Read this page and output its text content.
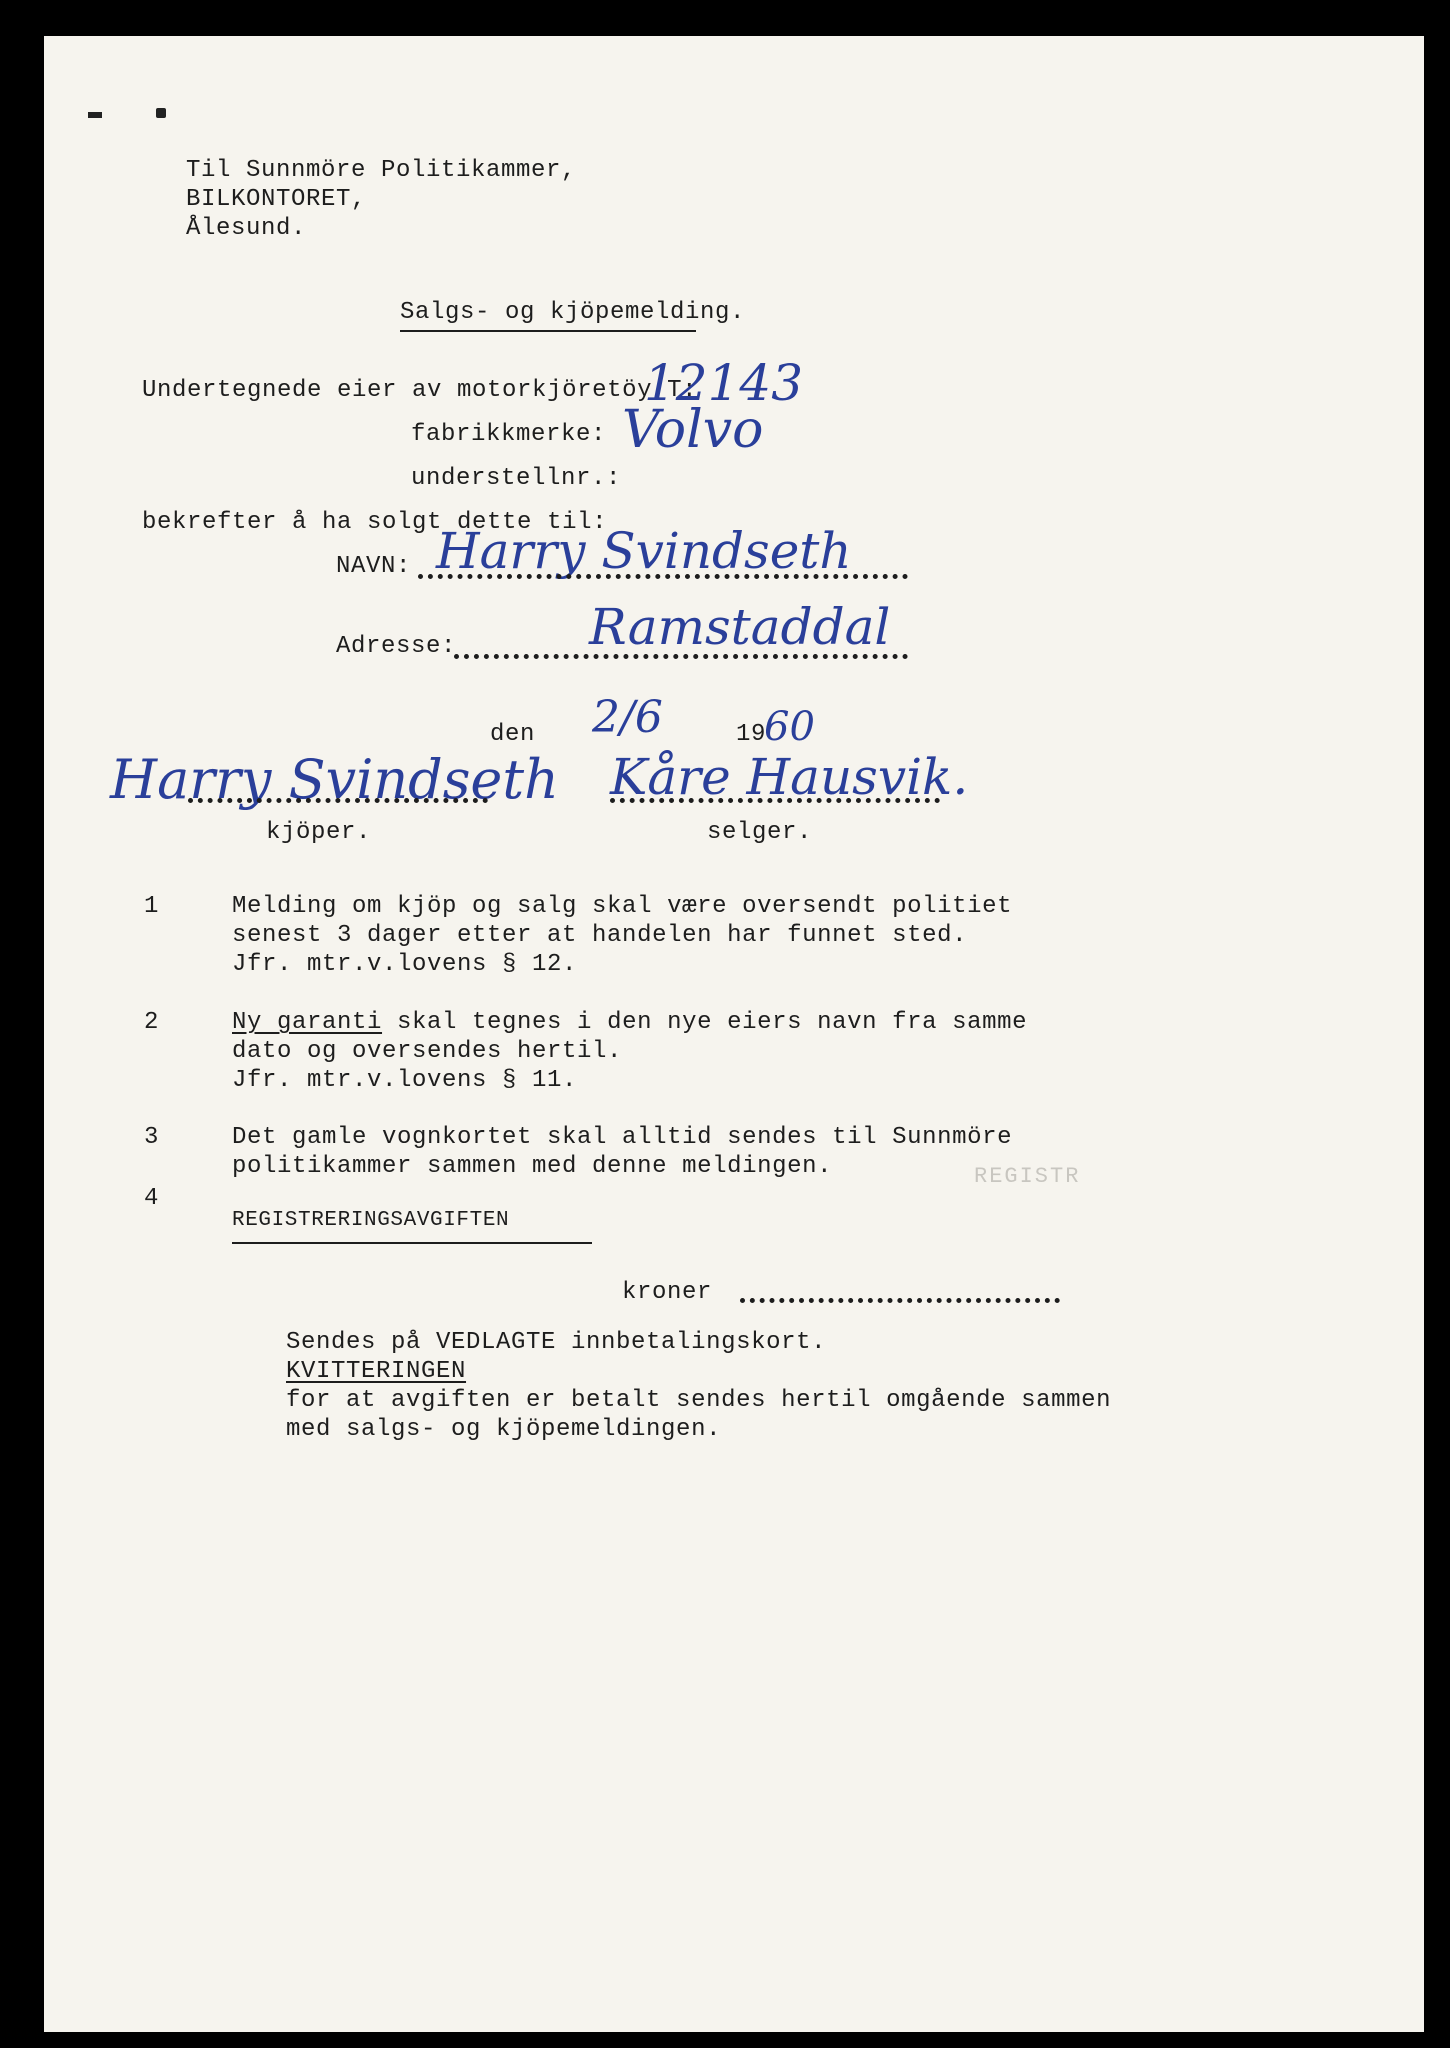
Til Sunnmöre Politikammer,
BILKONTORET,
Ålesund.
Salgs- og kjöpemelding.
Undertegnede eier av motorkjöretöy T:
12143
fabrikkmerke: Volvo
understellnr.:
bekrefter å ha solgt dette til:
NAVN: Harry Svindseth
Adresse:	Ramstaddal
den 2/6	19
60
Harry Svindseth
kjöper.
Kåre Hausvik.
selger.
1	Melding om kjöp og salg skal være oversendt politiet
senest 3 dager etter at handelen har funnet sted.
Jfr. mtr.v.lovens § 12.
2	Ny garanti skal tegnes i den nye eiers navn fra samme
dato og oversendes hertil.
Jfr. mtr.v.lovens § 11.
3	Det gamle vognkortet skal alltid sendes til Sunnmöre
politikammer sammen med denne meldingen.	REGISTR
4
REGISTRERINGSAVGIFTEN
kroner
Sendes på VEDLAGTE innbetalingskort.
KVITTERINGEN
for at avgiften er betalt sendes hertil omgående sammen
med salgs- og kjöpemeldingen.
